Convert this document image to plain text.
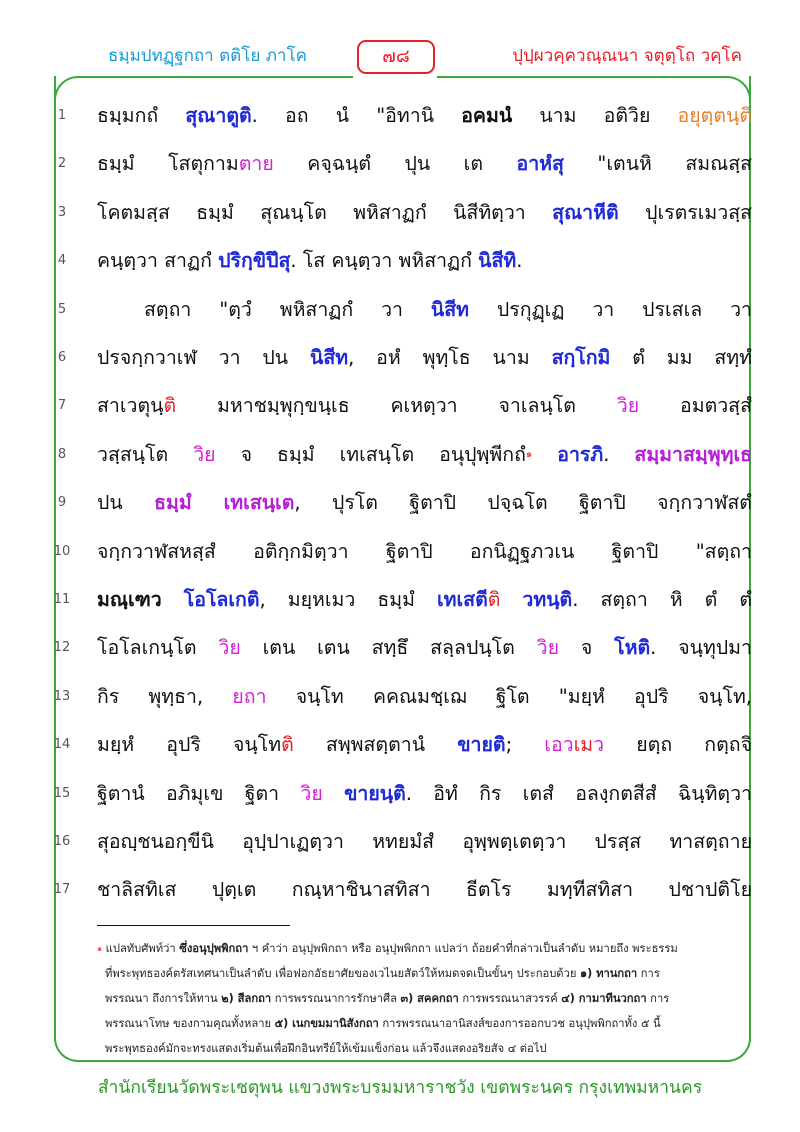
ธมฺมปทฏฺฐกถา ตติโย ภาโค	๗๘	ปุปฺผวคฺควณฺณนา จตุตฺโถ วคฺโค
1	ธมฺมกถํ สุณาตูติ. อถ นํ "อิทานิ อคมนํ นาม อติวิย อยุตฺตนฺติ
2	ธมฺมํ โสตุกามตาย คจฺฉนฺตํ ปุน เต อาหํสุ "เตนหิ สมณสฺส
3	โคตมสฺส ธมฺมํ สุณนฺโต พหิสาฏกํ นิสีทิตฺวา สุณาหีติ ปุเรตรเมวสฺส
4	คนฺตฺวา สาฏกํ ปริกฺขิปึสุ. โส คนฺตฺวา พหิสาฏกํ นิสีทิ.
5	สตฺถา "ตฺวํ พหิสาฏกํ วา นิสีท ปรกุฏฺเฏ วา ปรเสเล วา
6	ปรจกฺกวาเฬ วา ปน นิสีท, อหํ พุทฺโธ นาม สกฺโกมิ ตํ มม สทฺทํ
7	สาเวตุนฺติ มหาชมฺพุกฺขนฺเธ คเหตฺวา จาเลนฺโต วิย อมตวสฺสํ
8	วสฺสนฺโต วิย จ ธมฺมํ เทเสนฺโต อนุปุพฺพีกถํ$^๑$ อารภิ. สมฺมาสมฺพุทฺเธ
9	ปน ธมฺมํ เทเสนฺเต, ปุรโต ฐิตาปิ ปจฺฉโต ฐิตาปิ จกฺกวาฬสตํ
10	จกฺกวาฬสหสฺสํ อติกฺกมิตฺวา ฐิตาปิ อกนิฏฺฐภวเน ฐิตาปิ "สตฺถา
11	มณฺเฑว โอโลเกติ, มยฺหเมว ธมฺมํ เทเสตีติ วทนฺติ. สตฺถา หิ ตํ ตํ
12	โอโลเกนฺโต วิย เตน เตน สทฺธึ สลฺลปนฺโต วิย จ โหติ. จนฺทุปมา
13	กิร พุทฺธา, ยถา จนฺโท คคณมชฺเฌ ฐิโต "มยฺหํ อุปริ จนฺโท,
14	มยฺหํ อุปริ จนฺโทติ สพฺพสตฺตานํ ขายติ; เอวเมว ยตฺถ กตฺถจิ
15	ฐิตานํ อภิมุเข ฐิตา วิย ขายนฺติ. อิทํ กิร เตสํ อลงฺกตสีสํ ฉินฺทิตฺวา
16	สุอญฺชนอกฺขีนิ อุปฺปาเฏตฺวา หทยมํสํ อุพฺพตฺเตตฺวา ปรสฺส ทาสตฺถาย
17	ชาลิสทิเส ปุตฺเต กณฺหาชินาสทิสา ธีตโร มทฺทีสทิสา ปชาปติโย
$^๑$ แปลทับศัพท์ว่า ซึ่งอนุปุพพิกถา ฯ คำว่า อนุปุพพิกถา หรือ อนุปุพพิกถา แปลว่า ถ้อยคำที่กล่าวเป็นลำดับ หมายถึง พระธรรม
ที่พระพุทธองค์ตรัสเทศนาเป็นลำดับ เพื่อฟอกอัธยาศัยของเวไนยสัตว์ให้หมดจดเป็นขั้นๆ ประกอบด้วย ๑) ทานกถา การ
พรรณนา ถึงการให้ทาน ๒) สีลกถา การพรรณนาการรักษาศีล ๓) สคคกถา การพรรณนาสวรรค์ ๔) กามาทีนวกถา การ
พรรณนาโทษ ของกามคุณทั้งหลาย ๕) เนกขมมานิสังกถา การพรรณนาอานิสงส์ของการออกบวช อนุปุพพิกถาทั้ง ๕ นี้
พระพุทธองค์มักจะทรงแสดงเริ่มต้นเพื่อฝึกอินทรีย์ให้เข้มแข็งก่อน แล้วจึงแสดงอริยสัจ ๔ ต่อไป
สำนักเรียนวัดพระเชตุพน แขวงพระบรมมหาราชวัง เขตพระนคร กรุงเทพมหานคร
